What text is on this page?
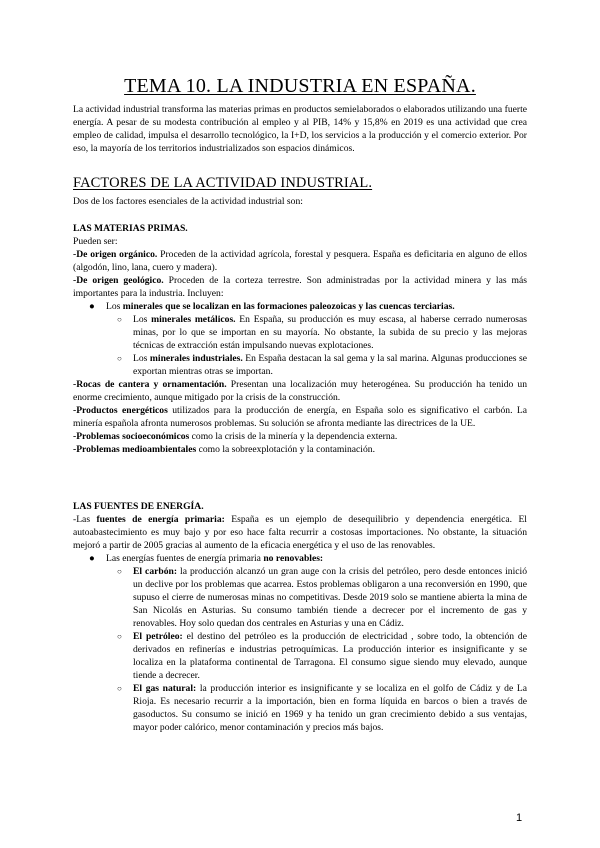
TEMA 10. LA INDUSTRIA EN ESPAÑA.

La actividad industrial transforma las materias primas en productos semielaborados o elaborados utilizando una fuerte energía. A pesar de su modesta contribución al empleo y al PIB, 14% y 15,8% en 2019 es una actividad que crea empleo de calidad, impulsa el desarrollo tecnológico, la I+D, los servicios a la producción y el comercio exterior. Por eso, la mayoría de los territorios industrializados son espacios dinámicos.

FACTORES DE LA ACTIVIDAD INDUSTRIAL.

Dos de los factores esenciales de la actividad industrial son:

LAS MATERIAS PRIMAS.
Pueden ser:
-De origen orgánico. Proceden de la actividad agrícola, forestal y pesquera. España es deficitaria en alguno de ellos (algodón, lino, lana, cuero y madera).
-De origen geológico. Proceden de la corteza terrestre. Son administradas por la actividad minera y las más importantes para la industria. Incluyen:
● Los minerales que se localizan en las formaciones paleozoicas y las cuencas terciarias.
○ Los minerales metálicos. En España, su producción es muy escasa, al haberse cerrado numerosas minas, por lo que se importan en su mayoría. No obstante, la subida de su precio y las mejoras técnicas de extracción están impulsando nuevas explotaciones.
○ Los minerales industriales. En España destacan la sal gema y la sal marina. Algunas producciones se exportan mientras otras se importan.
-Rocas de cantera y ornamentación. Presentan una localización muy heterogénea. Su producción ha tenido un enorme crecimiento, aunque mitigado por la crisis de la construcción.
-Productos energéticos utilizados para la producción de energía, en España solo es significativo el carbón. La minería española afronta numerosos problemas. Su solución se afronta mediante las directrices de la UE.
-Problemas socioeconómicos como la crisis de la minería y la dependencia externa.
-Problemas medioambientales como la sobreexplotación y la contaminación.
LAS FUENTES DE ENERGÍA.
-Las fuentes de energía primaria: España es un ejemplo de desequilibrio y dependencia energética. El autoabastecimiento es muy bajo y por eso hace falta recurrir a costosas importaciones. No obstante, la situación mejoró a partir de 2005 gracias al aumento de la eficacia energética y el uso de las renovables.
● Las energías fuentes de energía primaria no renovables:
○ El carbón: la producción alcanzó un gran auge con la crisis del petróleo, pero desde entonces inició un declive por los problemas que acarrea. Estos problemas obligaron a una reconversión en 1990, que supuso el cierre de numerosas minas no competitivas. Desde 2019 solo se mantiene abierta la mina de San Nicolás en Asturias. Su consumo también tiende a decrecer por el incremento de gas y renovables. Hoy solo quedan dos centrales en Asturias y una en Cádiz.
○ El petróleo: el destino del petróleo es la producción de electricidad , sobre todo, la obtención de derivados en refinerías e industrias petroquímicas. La producción interior es insignificante y se localiza en la plataforma continental de Tarragona. El consumo sigue siendo muy elevado, aunque tiende a decrecer.
○ El gas natural: la producción interior es insignificante y se localiza en el golfo de Cádiz y de La Rioja. Es necesario recurrir a la importación, bien en forma líquida en barcos o bien a través de gasoductos. Su consumo se inició en 1969 y ha tenido un gran crecimiento debido a sus ventajas, mayor poder calórico, menor contaminación y precios más bajos.
1
